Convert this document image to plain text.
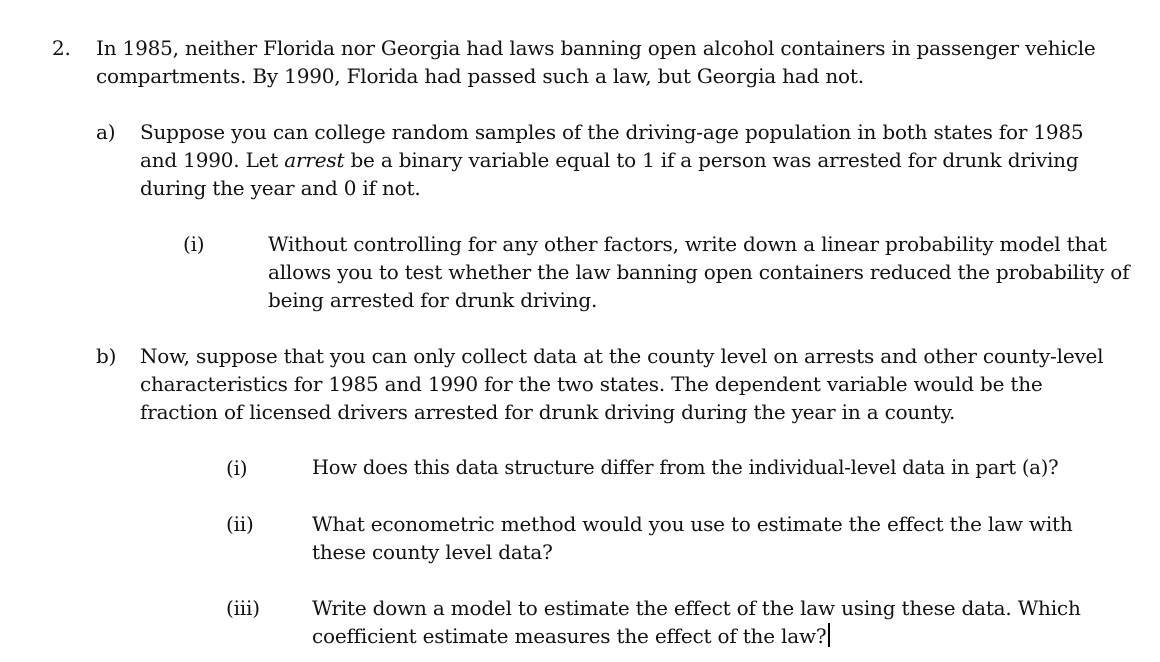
2. In 1985, neither Florida nor Georgia had laws banning open alcohol containers in passenger vehicle compartments. By 1990, Florida had passed such a law, but Georgia had not.
a) Suppose you can college random samples of the driving-age population in both states for 1985 and 1990. Let arrest be a binary variable equal to 1 if a person was arrested for drunk driving during the year and 0 if not.
(i)	Without controlling for any other factors, write down a linear probability model that allows you to test whether the law banning open containers reduced the probability of being arrested for drunk driving.
b) Now, suppose that you can only collect data at the county level on arrests and other county-level characteristics for 1985 and 1990 for the two states. The dependent variable would be the fraction of licensed drivers arrested for drunk driving during the year in a county.
(i)	How does this data structure differ from the individual-level data in part (a)?
(ii)	What econometric method would you use to estimate the effect the law with these county level data?
(iii)	Write down a model to estimate the effect of the law using these data. Which coefficient estimate measures the effect of the law?
